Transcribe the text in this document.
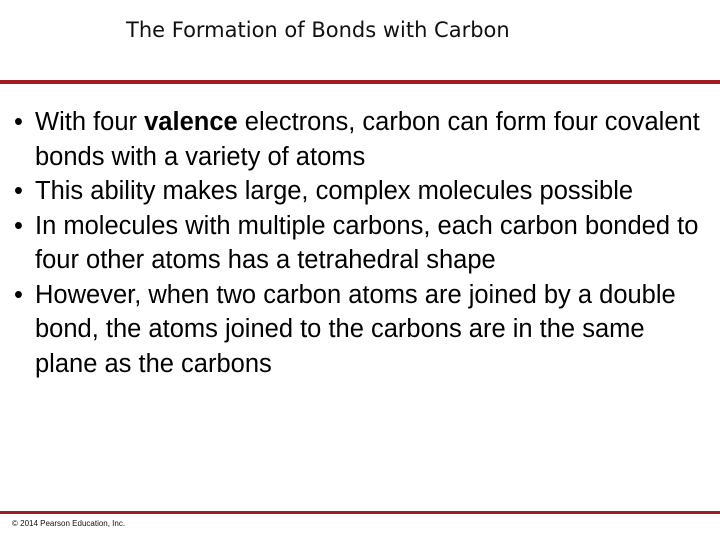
The Formation of Bonds with Carbon
• With four valence electrons, carbon can form four covalent bonds with a variety of atoms
• This ability makes large, complex molecules possible
• In molecules with multiple carbons, each carbon bonded to four other atoms has a tetrahedral shape
• However, when two carbon atoms are joined by a double bond, the atoms joined to the carbons are in the same plane as the carbons
© 2014 Pearson Education, Inc.
